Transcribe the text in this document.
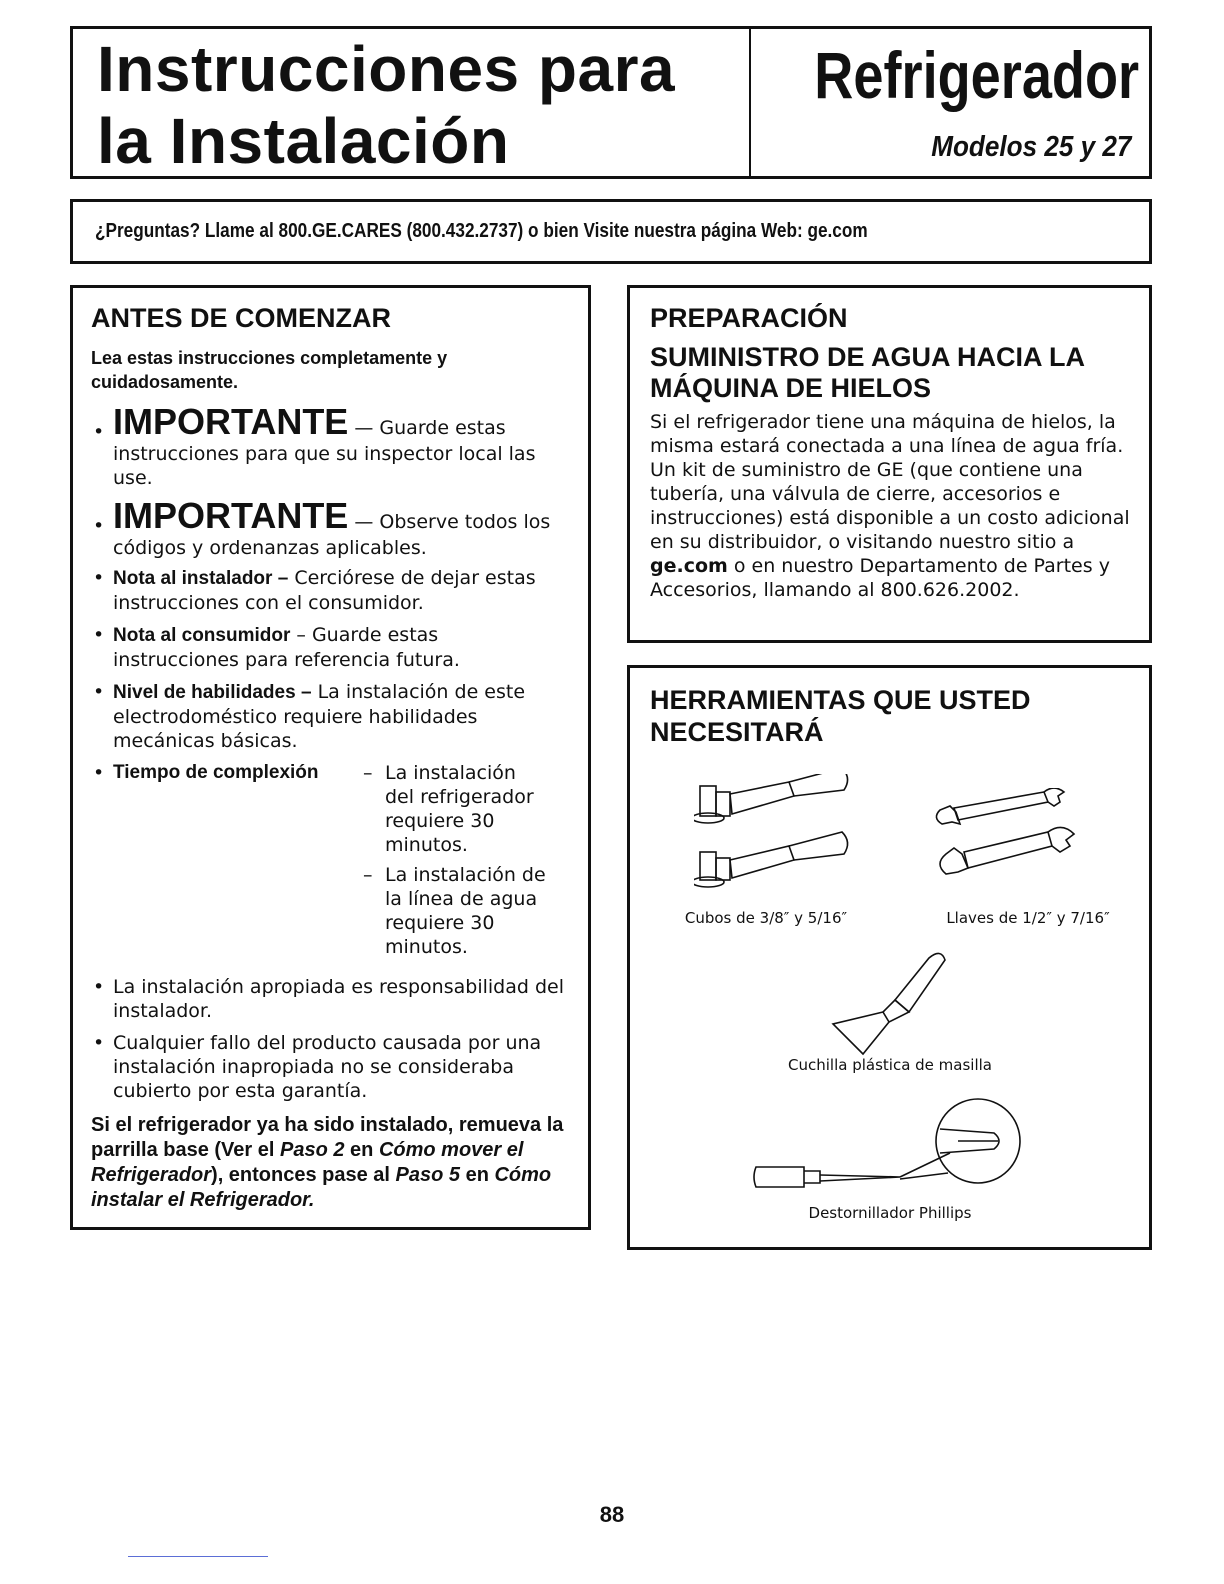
Instrucciones para
la Instalación
Refrigerador
Modelos 25 y 27
¿Preguntas? Llame al 800.GE.CARES (800.432.2737) o bien Visite nuestra página Web: ge.com
ANTES DE COMENZAR

Lea estas instrucciones completamente y cuidadosamente.

• IMPORTANTE — Guarde estas instrucciones para que su inspector local las use.
• IMPORTANTE — Observe todos los códigos y ordenanzas aplicables.
• Nota al instalador – Cerciórese de dejar estas instrucciones con el consumidor.
• Nota al consumidor – Guarde estas instrucciones para referencia futura.
• Nivel de habilidades – La instalación de este electrodoméstico requiere habilidades mecánicas básicas.
• Tiempo de complexión
–	La instalación del refrigerador requiere 30 minutos.
– La instalación de la línea de agua requiere 30 minutos.
• La instalación apropiada es responsabilidad del instalador.
• Cualquier fallo del producto causada por una instalación inapropiada no se consideraba cubierto por esta garantía.

Si el refrigerador ya ha sido instalado, remueva la parrilla base (Ver el Paso 2 en Cómo mover el Refrigerador), entonces pase al Paso 5 en Cómo instalar el Refrigerador.

PREPARACIÓN
SUMINISTRO DE AGUA HACIA LA MÁQUINA DE HIELOS

Si el refrigerador tiene una máquina de hielos, la misma estará conectada a una línea de agua fría. Un kit de suministro de GE (que contiene una tubería, una válvula de cierre, accesorios e instrucciones) está disponible a un costo adicional en su distribuidor, o visitando nuestro sitio a ge.com o en nuestro Departamento de Partes y Accesorios, llamando al 800.626.2002.

HERRAMIENTAS QUE USTED NECESITARÁ
Cubos de 3/8″ y 5/16″	Llaves de 1/2″ y 7/16″
Cuchilla plástica de masilla
Destornillador Phillips
88
